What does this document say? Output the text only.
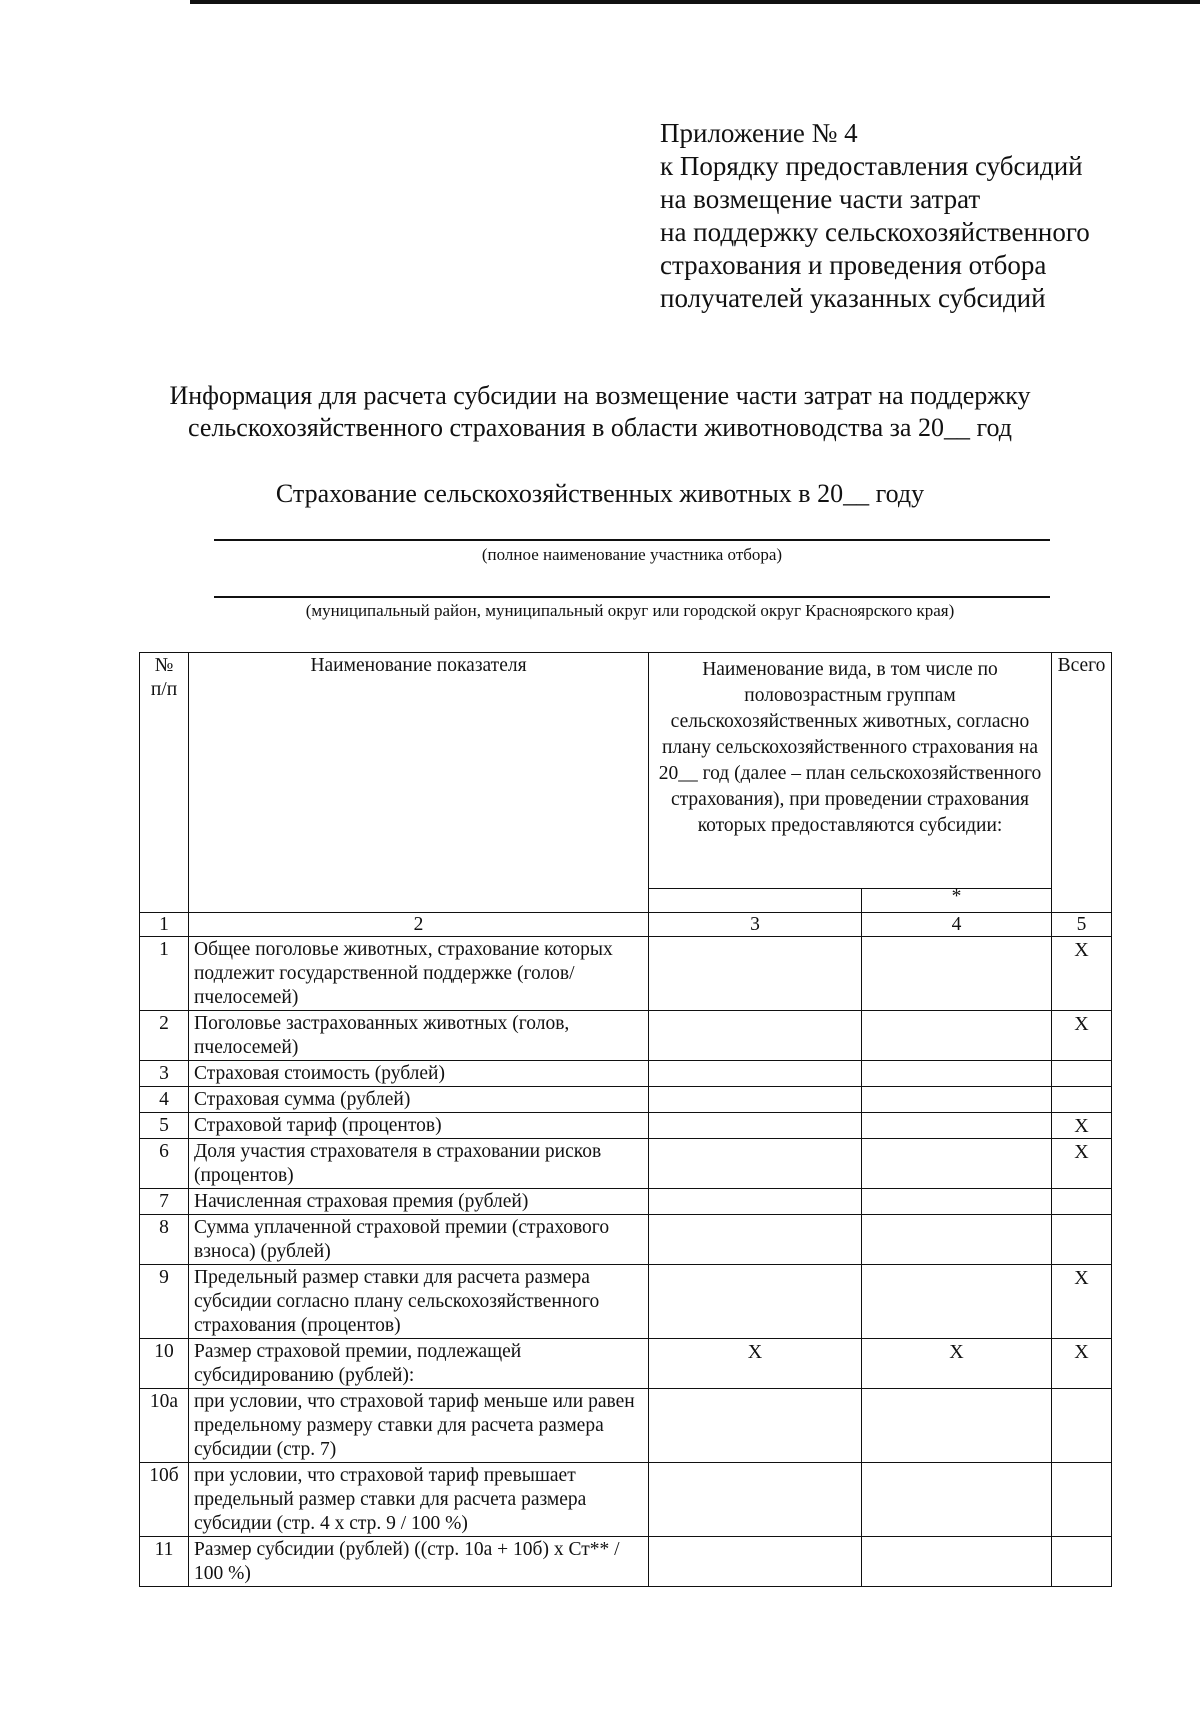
Приложение № 4
к Порядку предоставления субсидий
на возмещение части затрат
на поддержку сельскохозяйственного
страхования и проведения отбора
получателей указанных субсидий
Информация для расчета субсидии на возмещение части затрат на поддержку
сельскохозяйственного страхования в области животноводства за 20__ год
Страхование сельскохозяйственных животных в 20__ году
(полное наименование участника отбора)
(муниципальный район, муниципальный округ или городской округ Красноярского края)
№ п/п	Наименование показателя	Наименование вида, в том числе по половозрастным группам сельскохозяйственных животных, согласно плану сельскохозяйственного страхования на 20__ год (далее – план сельскохозяйственного страхования), при проведении страхования которых предоставляются субсидии:		Всего
			*	
1	2	3	4	5
1	Общее поголовье животных, страхование которых подлежит государственной поддержке (голов/пчелосемей)			X
2	Поголовье застрахованных животных (голов, пчелосемей)			X
3	Страховая стоимость (рублей)			
4	Страховая сумма (рублей)			
5	Страховой тариф (процентов)			X
6	Доля участия страхователя в страховании рисков (процентов)			X
7	Начисленная страховая премия (рублей)			
8	Сумма уплаченной страховой премии (страхового взноса) (рублей)			
9	Предельный размер ставки для расчета размера субсидии согласно плану сельскохозяйственного страхования (процентов)			X
10	Размер страховой премии, подлежащей субсидированию (рублей):	X	X	X
10а	при условии, что страховой тариф меньше или равен предельному размеру ставки для расчета размера субсидии (стр. 7)			
10б	при условии, что страховой тариф превышает предельный размер ставки для расчета размера субсидии (стр. 4 х стр. 9 / 100 %)			
11	Размер субсидии (рублей) ((стр. 10а + 10б) х Ст** / 100 %)			
